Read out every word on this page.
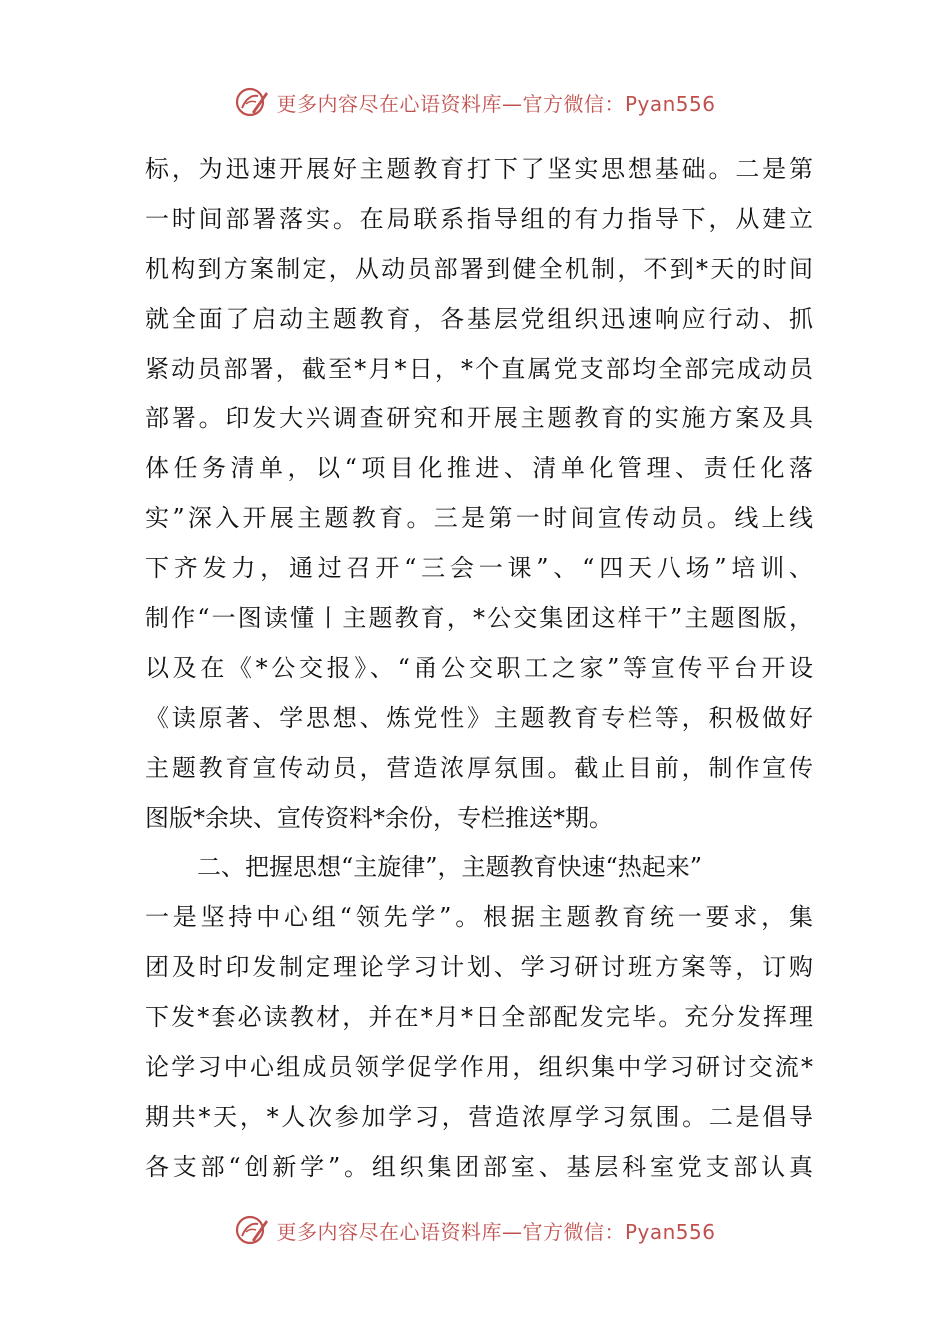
更多内容尽在心语资料库—官方微信：Pyan556
标，为迅速开展好主题教育打下了坚实思想基础。二是第
一时间部署落实。在局联系指导组的有力指导下，从建立
机构到方案制定，从动员部署到健全机制，不到*天的时间
就全面了启动主题教育，各基层党组织迅速响应行动、抓
紧动员部署，截至*月*日，*个直属党支部均全部完成动员
部署。印发大兴调查研究和开展主题教育的实施方案及具
体任务清单，以“项目化推进、清单化管理、责任化落
实”深入开展主题教育。三是第一时间宣传动员。线上线
下齐发力，通过召开“三会一课”、“四天八场”培训、
制作“一图读懂丨主题教育，*公交集团这样干”主题图版，
以及在《*公交报》、“甬公交职工之家”等宣传平台开设
《读原著、学思想、炼党性》主题教育专栏等，积极做好
主题教育宣传动员，营造浓厚氛围。截止目前，制作宣传
图版*余块、宣传资料*余份，专栏推送*期。
二、把握思想“主旋律”，主题教育快速“热起来”
一是坚持中心组“领先学”。根据主题教育统一要求，集
团及时印发制定理论学习计划、学习研讨班方案等，订购
下发*套必读教材，并在*月*日全部配发完毕。充分发挥理
论学习中心组成员领学促学作用，组织集中学习研讨交流*
期共*天，*人次参加学习，营造浓厚学习氛围。二是倡导
各支部“创新学”。组织集团部室、基层科室党支部认真
更多内容尽在心语资料库—官方微信：Pyan556
